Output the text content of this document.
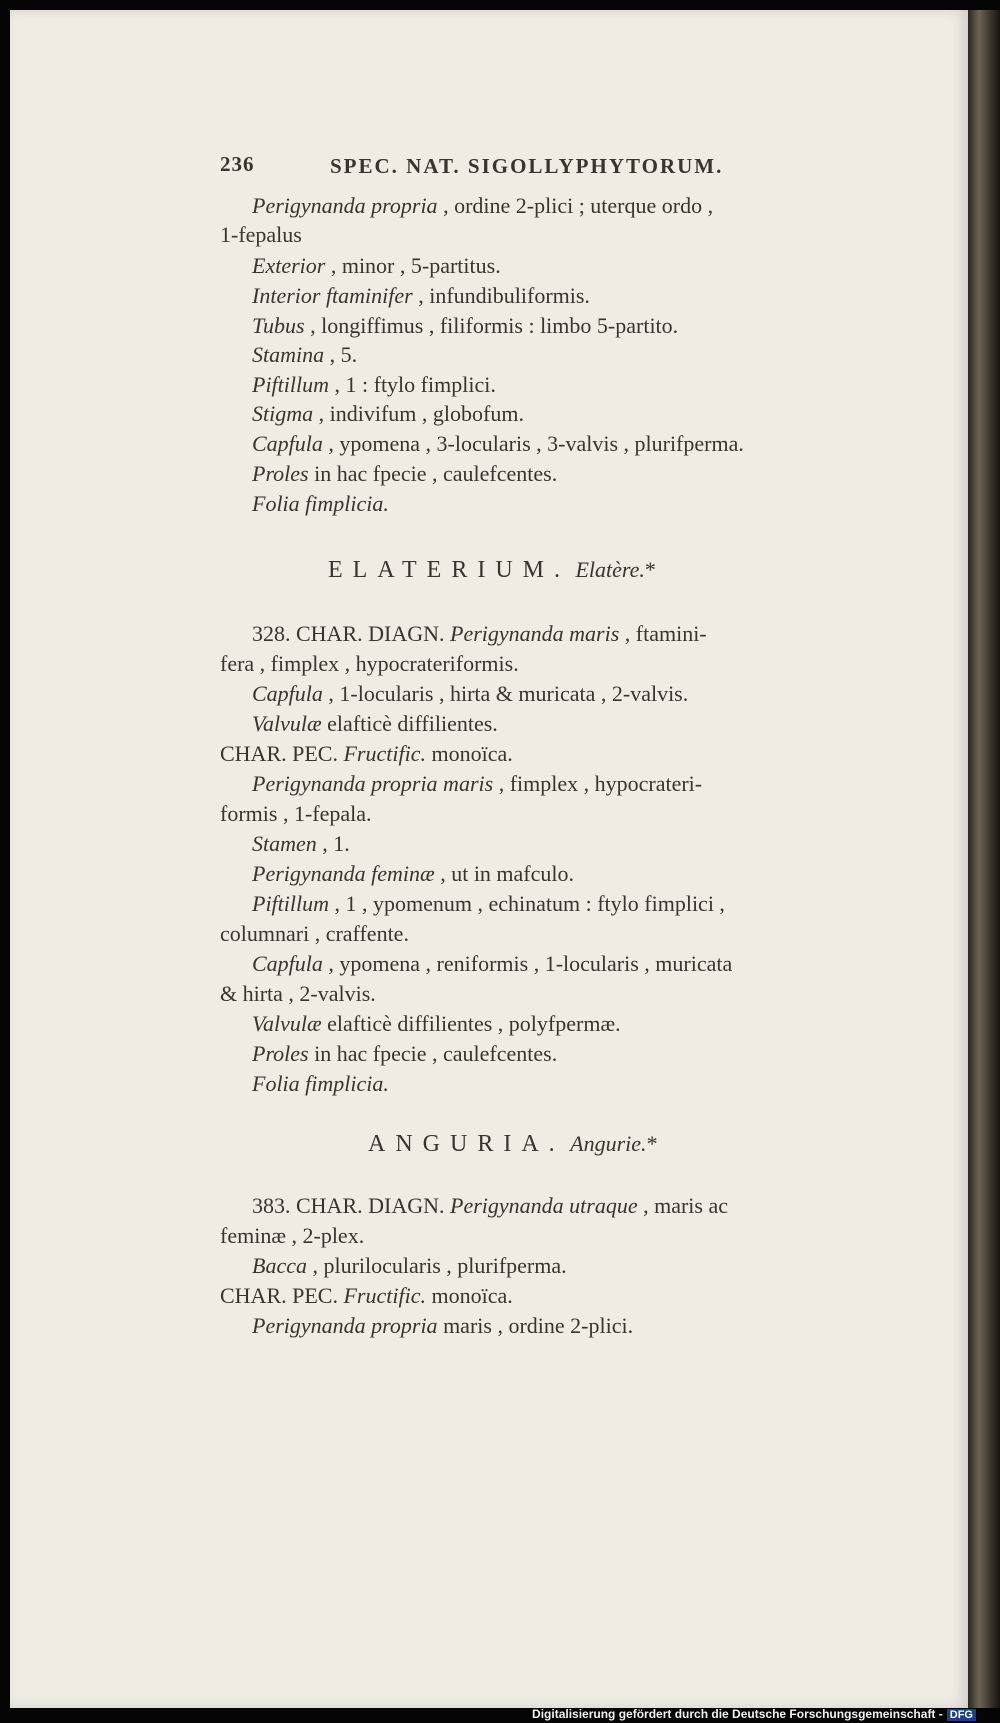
236	SPEC. NAT. SIGOLLYPHYTORUM.
Perigynanda propria , ordine 2-plici ; uterque ordo ,
1-fepalus
Exterior , minor , 5-partitus.
Interior ftaminifer , infundibuliformis.
Tubus , longiffimus , filiformis : limbo 5-partito.
Stamina , 5.
Piftillum , 1 : ftylo fimplici.
Stigma , indivifum , globofum.
Capfula , ypomena , 3-locularis , 3-valvis , plurifperma.
Proles in hac fpecie , caulefcentes.
Folia fimplicia.
ELATERIUM. Elatère.*
328. CHAR. DIAGN. Perigynanda maris , ftamini-
fera , fimplex , hypocrateriformis.
Capfula , 1-locularis , hirta & muricata , 2-valvis.
Valvulæ elafticè diffilientes.
CHAR. PEC. Fructific. monoïca.
Perigynanda propria maris , fimplex , hypocrateri-
formis , 1-fepala.
Stamen , 1.
Perigynanda feminæ , ut in mafculo.
Piftillum , 1 , ypomenum , echinatum : ftylo fimplici ,
columnari , craffente.
Capfula , ypomena , reniformis , 1-locularis , muricata
& hirta , 2-valvis.
Valvulæ elafticè diffilientes , polyfpermæ.
Proles in hac fpecie , caulefcentes.
Folia fimplicia.
ANGURIA. Angurie.*
383. CHAR. DIAGN. Perigynanda utraque , maris ac
feminæ , 2-plex.
Bacca , plurilocularis , plurifperma.
CHAR. PEC. Fructific. monoïca.
Perigynanda propria maris , ordine 2-plici.
Digitalisierung gefördert durch die Deutsche Forschungsgemeinschaft - DFG
